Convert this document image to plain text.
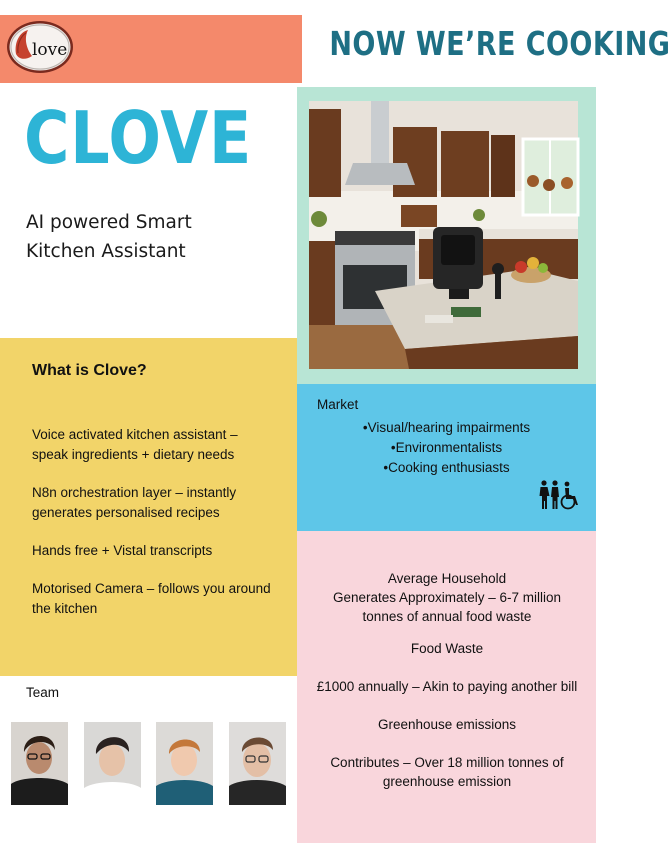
love	NOW WE’RE COOKING
CLOVE
AI powered Smart
Kitchen Assistant
What is Clove?
Voice activated kitchen assistant – speak ingredients + dietary needs
N8n orchestration layer – instantly generates personalised recipes
Hands free + Vistal transcripts
Motorised Camera – follows you around the kitchen
Market
•Visual/hearing impairments
•Environmentalists
•Cooking enthusiasts
Average Household
Generates Approximately – 6-7 million
tonnes of annual food waste
Food Waste
£1000 annually – Akin to paying another bill
Greenhouse emissions
Contributes – Over 18 million tonnes of
greenhouse emission
Team
